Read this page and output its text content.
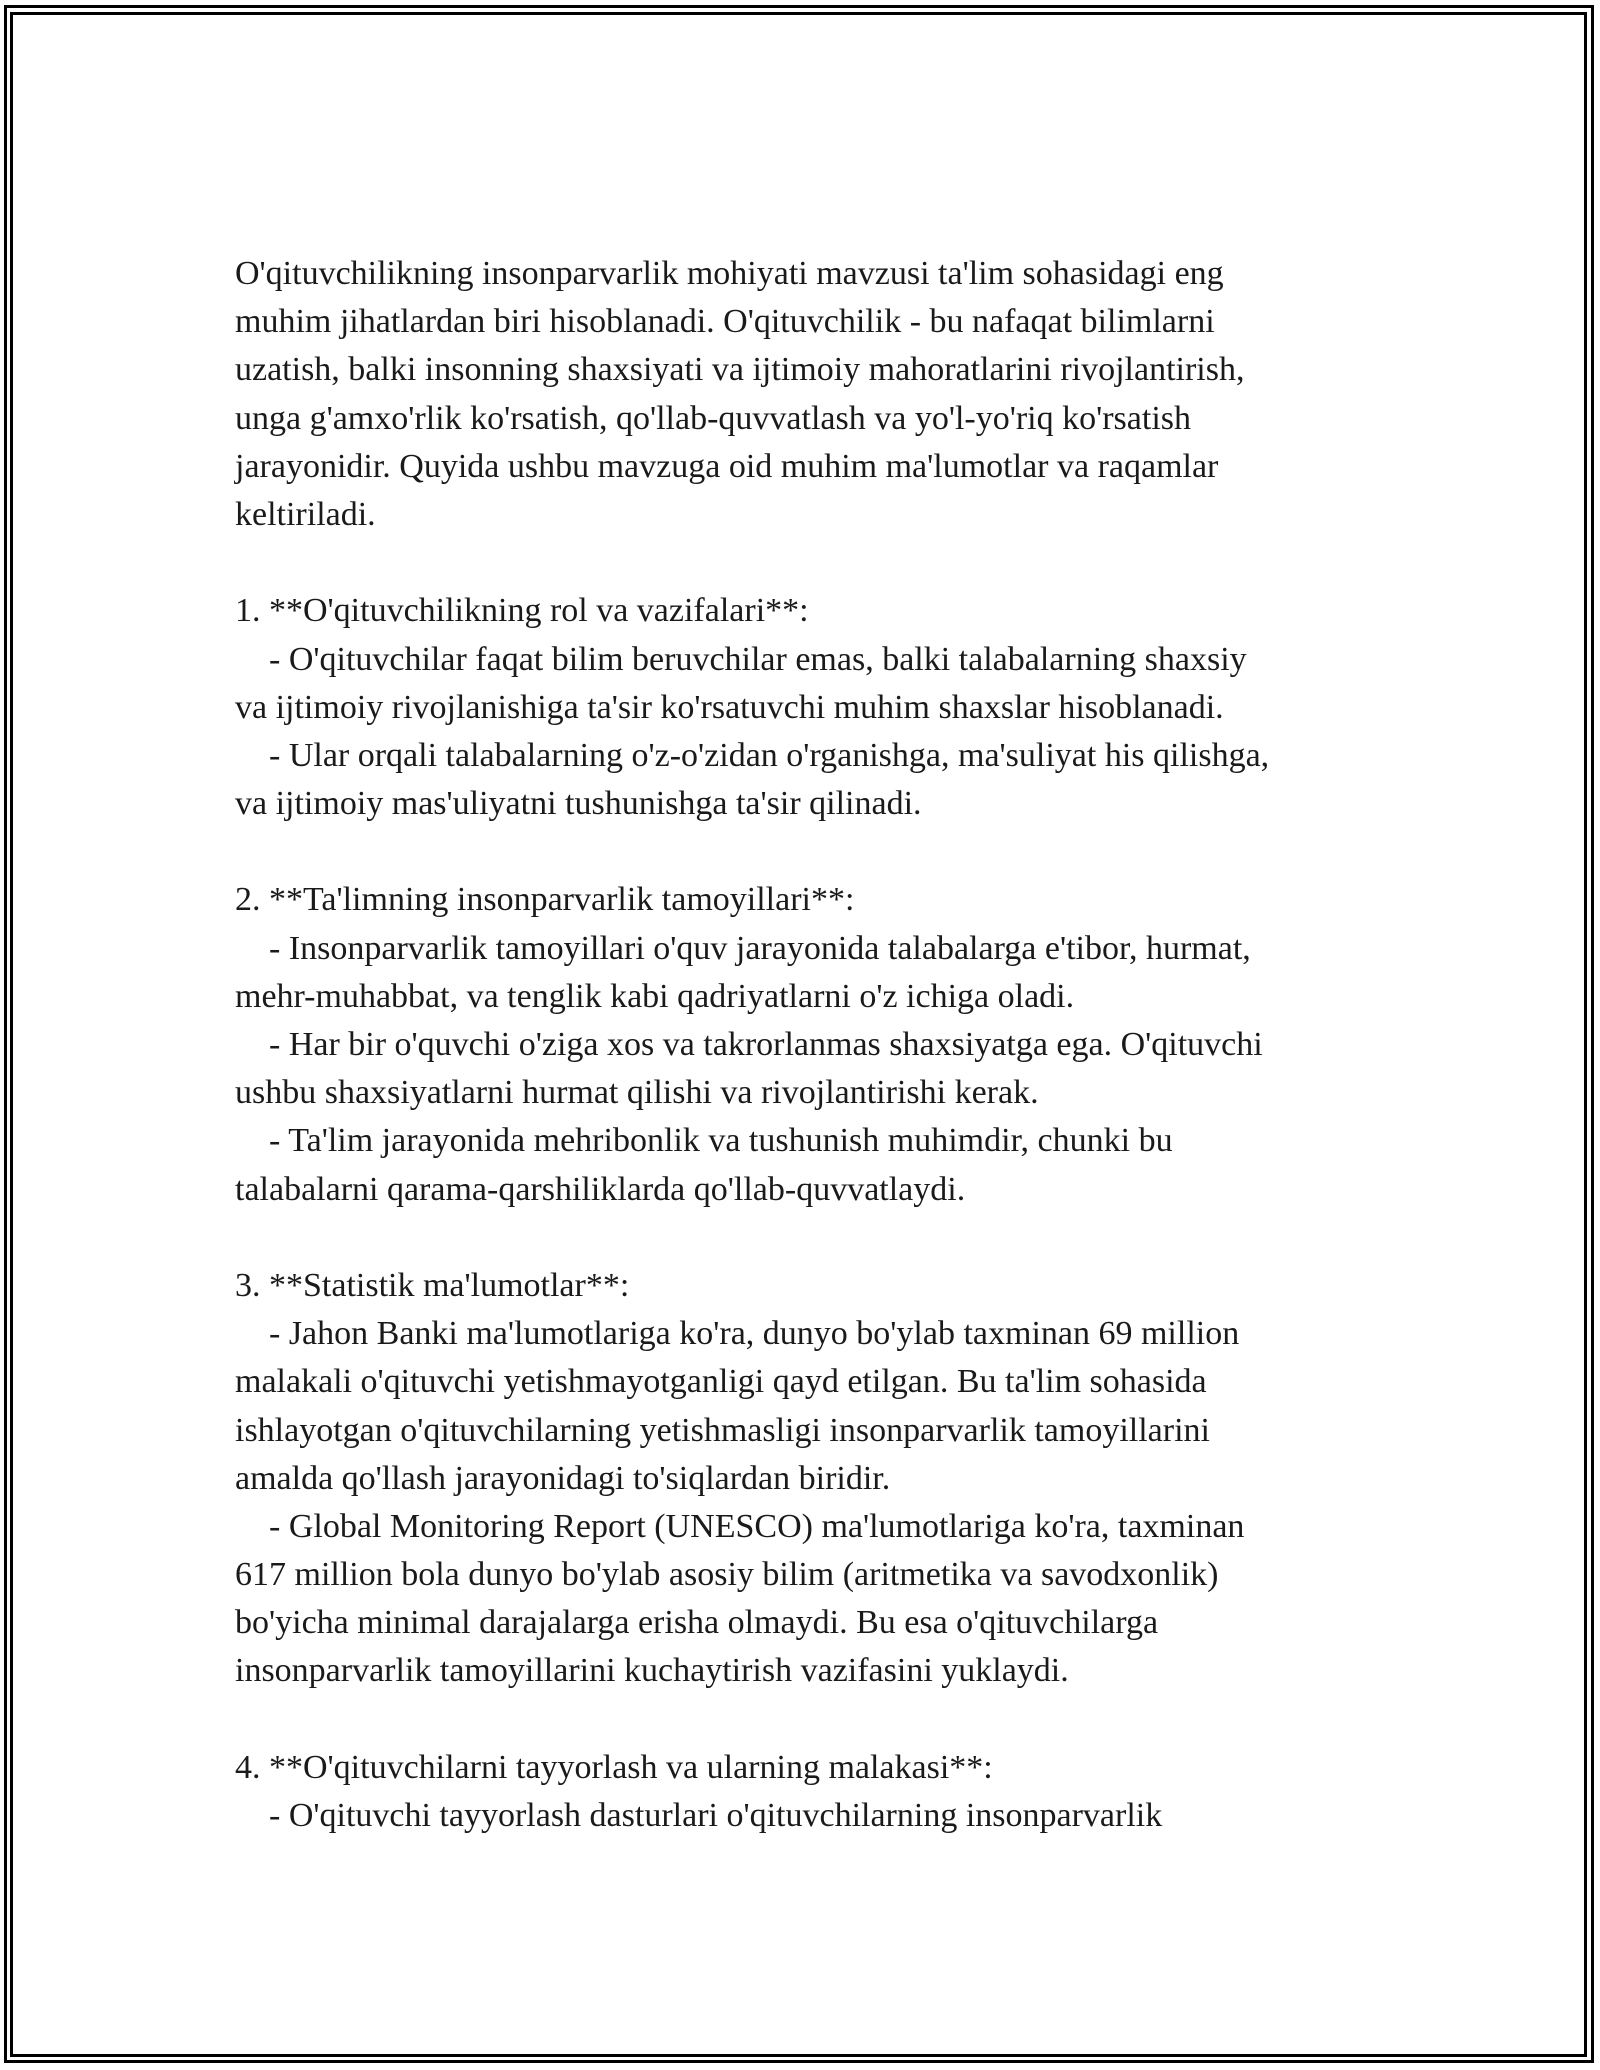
O'qituvchilikning insonparvarlik mohiyati mavzusi ta'lim sohasidagi eng
muhim jihatlardan biri hisoblanadi. O'qituvchilik - bu nafaqat bilimlarni
uzatish, balki insonning shaxsiyati va ijtimoiy mahoratlarini rivojlantirish,
unga g'amxo'rlik ko'rsatish, qo'llab-quvvatlash va yo'l-yo'riq ko'rsatish
jarayonidir. Quyida ushbu mavzuga oid muhim ma'lumotlar va raqamlar
keltiriladi.
1. **O'qituvchilikning rol va vazifalari**:
- O'qituvchilar faqat bilim beruvchilar emas, balki talabalarning shaxsiy
va ijtimoiy rivojlanishiga ta'sir ko'rsatuvchi muhim shaxslar hisoblanadi.
- Ular orqali talabalarning o'z-o'zidan o'rganishga, ma'suliyat his qilishga,
va ijtimoiy mas'uliyatni tushunishga ta'sir qilinadi.
2. **Ta'limning insonparvarlik tamoyillari**:
- Insonparvarlik tamoyillari o'quv jarayonida talabalarga e'tibor, hurmat,
mehr-muhabbat, va tenglik kabi qadriyatlarni o'z ichiga oladi.
- Har bir o'quvchi o'ziga xos va takrorlanmas shaxsiyatga ega. O'qituvchi
ushbu shaxsiyatlarni hurmat qilishi va rivojlantirishi kerak.
- Ta'lim jarayonida mehribonlik va tushunish muhimdir, chunki bu
talabalarni qarama-qarshiliklarda qo'llab-quvvatlaydi.
3. **Statistik ma'lumotlar**:
- Jahon Banki ma'lumotlariga ko'ra, dunyo bo'ylab taxminan 69 million
malakali o'qituvchi yetishmayotganligi qayd etilgan. Bu ta'lim sohasida
ishlayotgan o'qituvchilarning yetishmasligi insonparvarlik tamoyillarini
amalda qo'llash jarayonidagi to'siqlardan biridir.
- Global Monitoring Report (UNESCO) ma'lumotlariga ko'ra, taxminan
617 million bola dunyo bo'ylab asosiy bilim (aritmetika va savodxonlik)
bo'yicha minimal darajalarga erisha olmaydi. Bu esa o'qituvchilarga
insonparvarlik tamoyillarini kuchaytirish vazifasini yuklaydi.
4. **O'qituvchilarni tayyorlash va ularning malakasi**:
- O'qituvchi tayyorlash dasturlari o'qituvchilarning insonparvarlik
